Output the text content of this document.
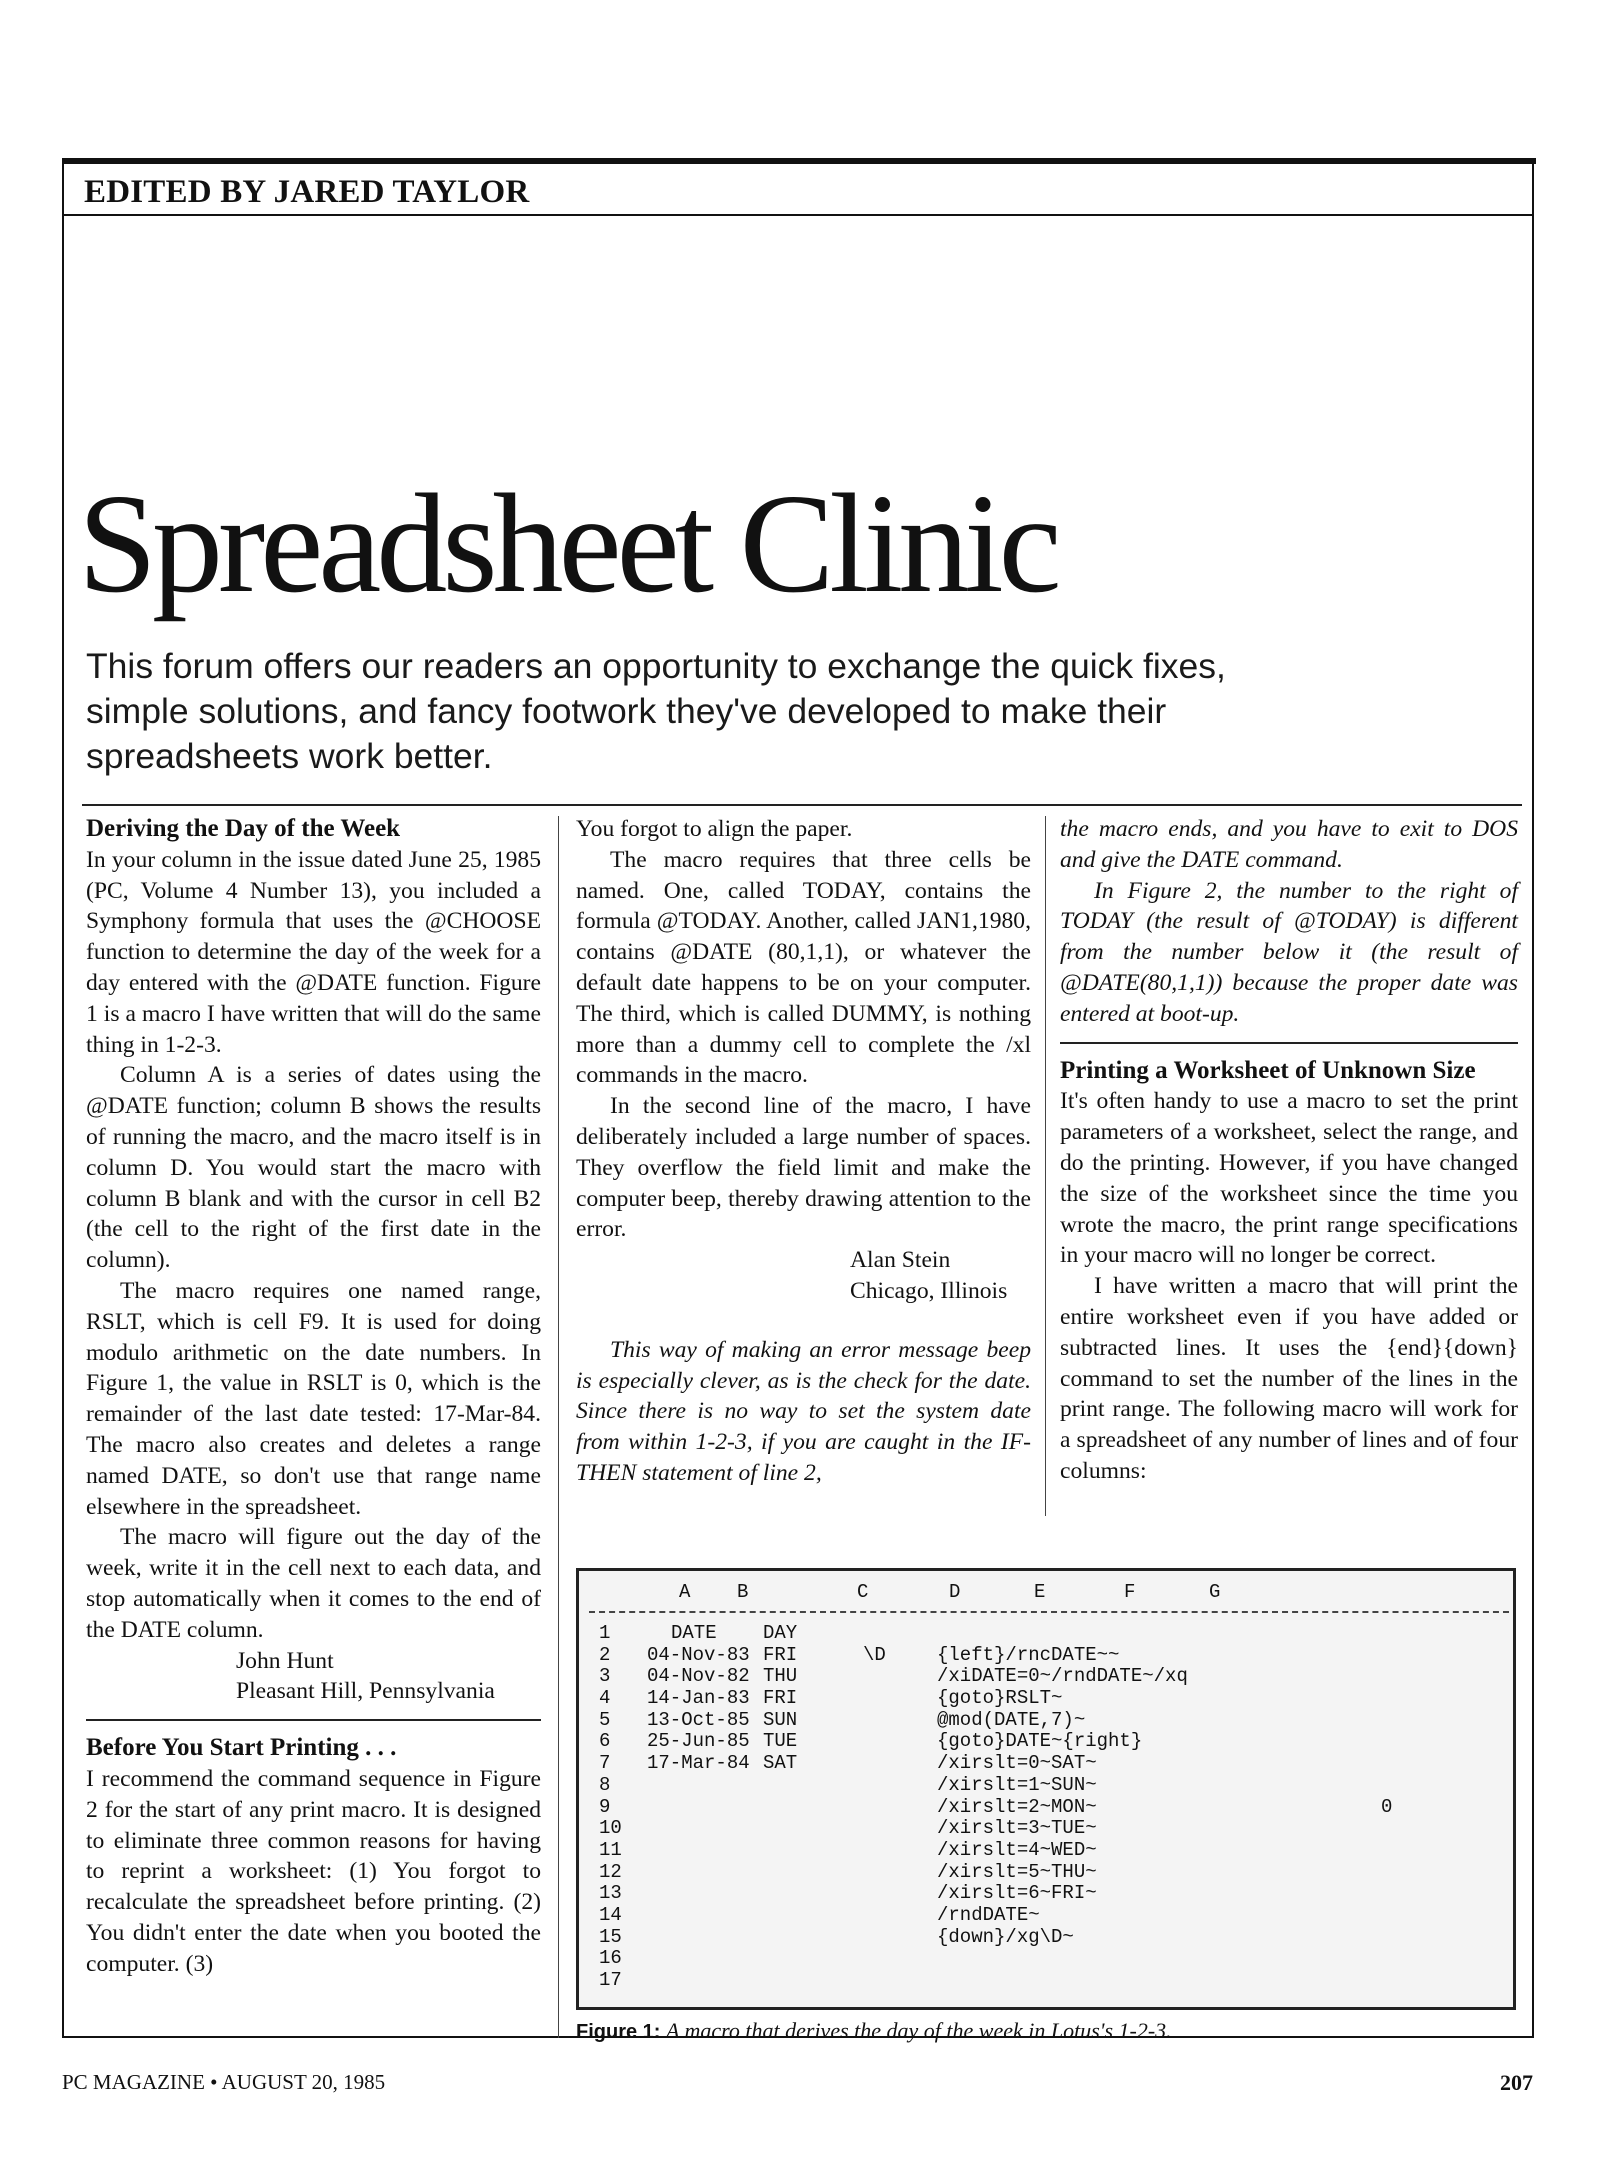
EDITED BY JARED TAYLOR
Spreadsheet Clinic
This forum offers our readers an opportunity to exchange the quick fixes, simple solutions, and fancy footwork they've developed to make their spreadsheets work better.

Deriving the Day of the Week

In your column in the issue dated June 25, 1985 (PC, Volume 4 Number 13), you included a Symphony formula that uses the @CHOOSE function to determine the day of the week for a day entered with the @DATE function. Figure 1 is a macro I have written that will do the same thing in 1-2-3.

Column A is a series of dates using the @DATE function; column B shows the results of running the macro, and the macro itself is in column D. You would start the macro with column B blank and with the cursor in cell B2 (the cell to the right of the first date in the column).

The macro requires one named range, RSLT, which is cell F9. It is used for doing modulo arithmetic on the date numbers. In Figure 1, the value in RSLT is 0, which is the remainder of the last date tested: 17-Mar-84. The macro also creates and deletes a range named DATE, so don't use that range name elsewhere in the spreadsheet.

The macro will figure out the day of the week, write it in the cell next to each data, and stop automatically when it comes to the end of the DATE column.

John Hunt

Pleasant Hill, Pennsylvania

Before You Start Printing . . .

I recommend the command sequence in Figure 2 for the start of any print macro. It is designed to eliminate three common reasons for having to reprint a worksheet: (1) You forgot to recalculate the spreadsheet before printing. (2) You didn't enter the date when you booted the computer. (3)

You forgot to align the paper.

The macro requires that three cells be named. One, called TODAY, contains the formula @TODAY. Another, called JAN1,1980, contains @DATE (80,1,1), or whatever the default date happens to be on your computer. The third, which is called DUMMY, is nothing more than a dummy cell to complete the /xl commands in the macro.

In the second line of the macro, I have deliberately included a large number of spaces. They overflow the field limit and make the computer beep, thereby drawing attention to the error.

Alan Stein

Chicago, Illinois

This way of making an error message beep is especially clever, as is the check for the date. Since there is no way to set the system date from within 1-2-3, if you are caught in the IF-THEN statement of line 2,

the macro ends, and you have to exit to DOS and give the DATE command.

In Figure 2, the number to the right of TODAY (the result of @TODAY) is different from the number below it (the result of @DATE(80,1,1)) because the proper date was entered at boot-up.

Printing a Worksheet of Unknown Size

It's often handy to use a macro to set the print parameters of a worksheet, select the range, and do the printing. However, if you have changed the size of the worksheet since the time you wrote the macro, the print range specifications in your macro will no longer be correct.

I have written a macro that will print the entire worksheet even if you have added or subtracted lines. It uses the {end}{down} command to set the number of the lines in the print range. The following macro will work for a spreadsheet of any number of lines and of four columns:

A B	C	D	E	F	G
1	DATE DAY
2 04-Nov-83 FRI	\D	{left}/rncDATE~~
3 04-Nov-82 THU	/xiDATE=0~/rndDATE~/xq
4 14-Jan-83 FRI	{goto}RSLT~
5 13-Oct-85 SUN	@mod(DATE,7)~
6 25-Jun-85 TUE	{goto}DATE~{right}
7 17-Mar-84 SAT	/xirslt=0~SAT~
8	/xirslt=1~SUN~
9	/xirslt=2~MON~	0
10	/xirslt=3~TUE~
11	/xirslt=4~WED~
12	/xirslt=5~THU~
13	/xirslt=6~FRI~
14	/rndDATE~
15	{down}/xg\D~
16
17
Figure 1: A macro that derives the day of the week in Lotus's 1-2-3.
PC MAGAZINE • AUGUST 20, 1985	207
